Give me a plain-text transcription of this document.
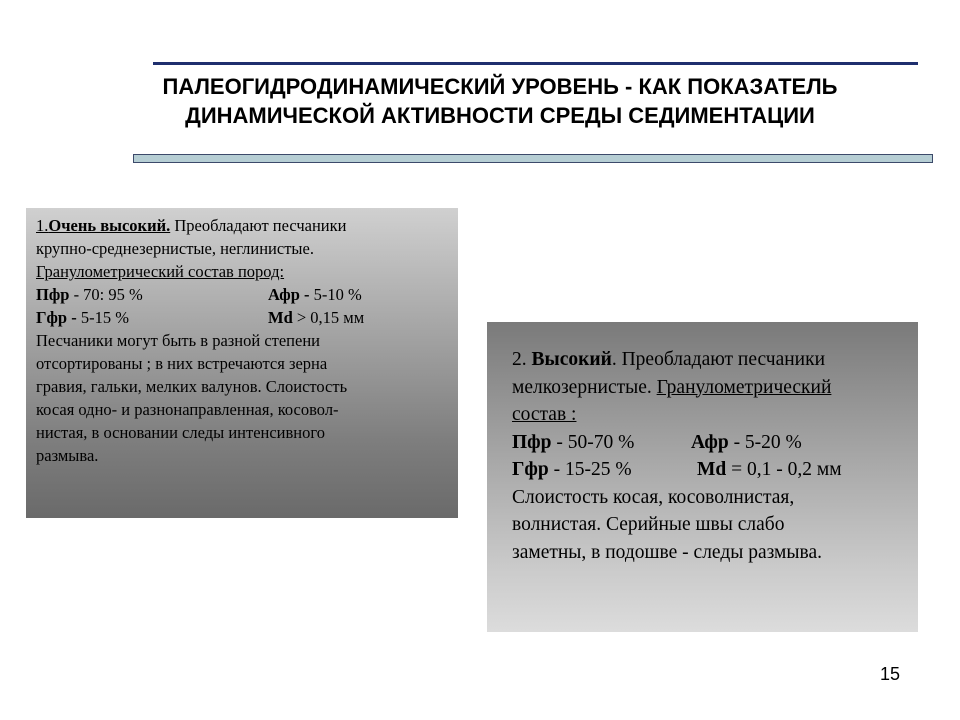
ПАЛЕОГИДРОДИНАМИЧЕСКИЙ УРОВЕНЬ - КАК ПОКАЗАТЕЛЬ
ДИНАМИЧЕСКОЙ АКТИВНОСТИ СРЕДЫ СЕДИМЕНТАЦИИ
1.Очень высокий. Преобладают песчаники
крупно-среднезернистые, неглинистые.
Гранулометрический состав пород:
Пфр - 70: 95 %	Афр - 5-10 %
Гфр - 5-15 %	Md > 0,15 мм
Песчаники могут быть в разной степени
отсортированы ; в них встречаются зерна
гравия, гальки, мелких валунов. Слоистость
косая одно- и разнонаправленная, косовол-
нистая, в основании следы интенсивного
размыва.
2. Высокий. Преобладают песчаники
мелкозернистые. Гранулометрический
состав :
Пфр - 50-70 %	Афр - 5-20 %
Гфр - 15-25 %	Md = 0,1 - 0,2 мм
Слоистость косая, косоволнистая,
волнистая. Серийные швы слабо
заметны, в подошве - следы размыва.
15
